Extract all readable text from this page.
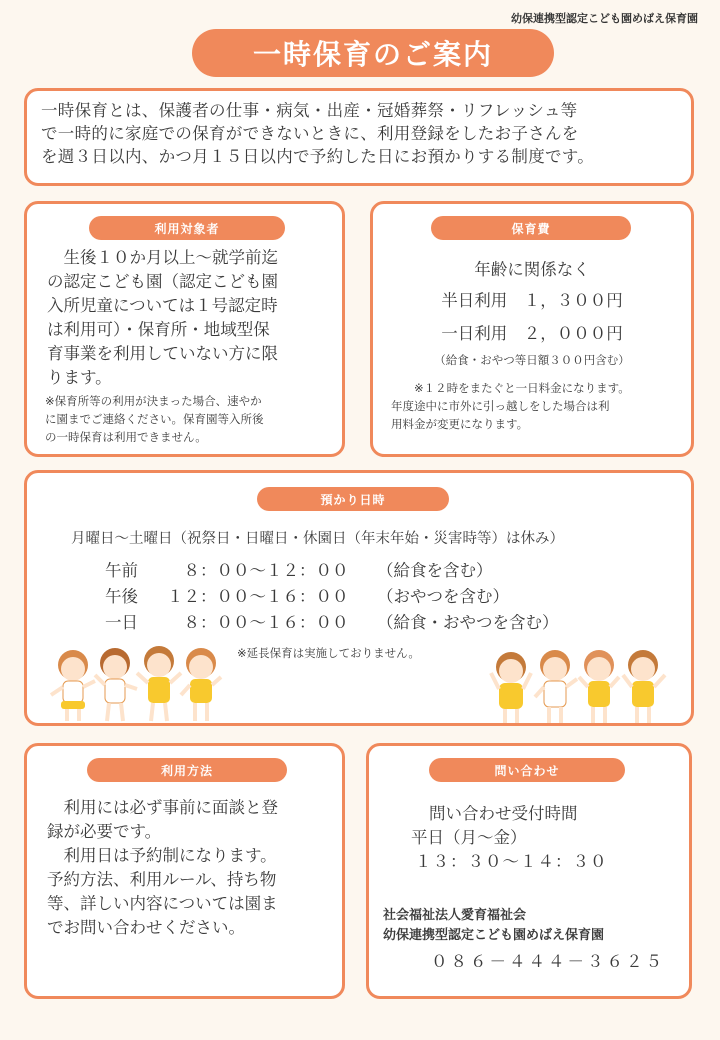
幼保連携型認定こども園めばえ保育園
一時保育のご案内

一時保育とは、保護者の仕事・病気・出産・冠婚葬祭・リフレッシュ等

で一時的に家庭での保育ができないときに、利用登録をしたお子さんを

を週３日以内、かつ月１５日以内で予約した日にお預かりする制度です。

利用対象者
　生後１０か月以上～就学前迄
の認定こども園（認定こども園
入所児童については１号認定時
は利用可）・保育所・地域型保
育事業を利用していない方に限
ります。
※保育所等の利用が決まった場合、速やか
に園までご連絡ください。保育園等入所後
の一時保育は利用できません。
保育費
年齢に関係なく
半日利用　１，３００円
一日利用　２，０００円
（給食・おやつ等日額３００円含む）
　　※１２時をまたぐと一日料金になります。
年度途中に市外に引っ越しをした場合は利
用料金が変更になります。
預かり日時
月曜日～土曜日（祝祭日・日曜日・休園日（年末年始・災害時等）は休み）
午前	　８：００～１２：００	（給食を含む）
午後	１２：００～１６：００	（おやつを含む）
一日	　８：００～１６：００	（給食・おやつを含む）
※延長保育は実施しておりません。
利用方法
　利用には必ず事前に面談と登
録が必要です。
　利用日は予約制になります。
予約方法、利用ルール、持ち物
等、詳しい内容については園ま
でお問い合わせください。
問い合わせ
問い合わせ受付時間
平日（月～金）
１３：３０～１４：３０
社会福祉法人愛育福祉会
幼保連携型認定こども園めばえ保育園
０８６－４４４－３６２５
